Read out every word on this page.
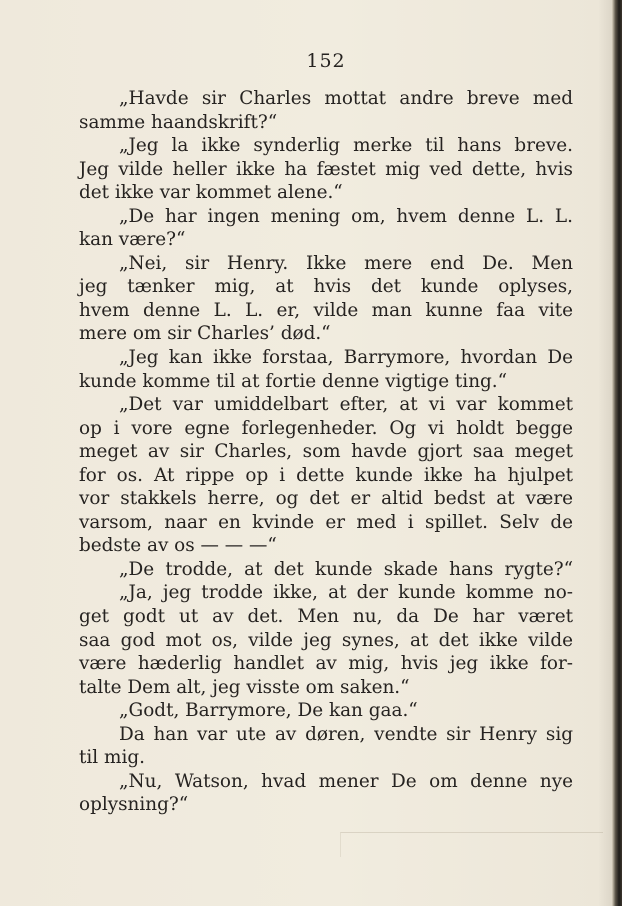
152
„Havde sir Charles mottat andre breve med
samme haandskrift?“
„Jeg la ikke synderlig merke til hans breve.
Jeg vilde heller ikke ha fæstet mig ved dette, hvis
det ikke var kommet alene.“
„De har ingen mening om, hvem denne L. L.
kan være?“
„Nei, sir Henry. Ikke mere end De. Men
jeg tænker mig, at hvis det kunde oplyses,
hvem denne L. L. er, vilde man kunne faa vite
mere om sir Charles’ død.“
„Jeg kan ikke forstaa, Barrymore, hvordan De
kunde komme til at fortie denne vigtige ting.“
„Det var umiddelbart efter, at vi var kommet
op i vore egne forlegenheder. Og vi holdt begge
meget av sir Charles, som havde gjort saa meget
for os. At rippe op i dette kunde ikke ha hjulpet
vor stakkels herre, og det er altid bedst at være
varsom, naar en kvinde er med i spillet. Selv de
bedste av os — — —“
„De trodde, at det kunde skade hans rygte?“
„Ja, jeg trodde ikke, at der kunde komme no-
get godt ut av det. Men nu, da De har været
saa god mot os, vilde jeg synes, at det ikke vilde
være hæderlig handlet av mig, hvis jeg ikke for-
talte Dem alt, jeg visste om saken.“
„Godt, Barrymore, De kan gaa.“
Da han var ute av døren, vendte sir Henry sig
til mig.
„Nu, Watson, hvad mener De om denne nye
oplysning?“
